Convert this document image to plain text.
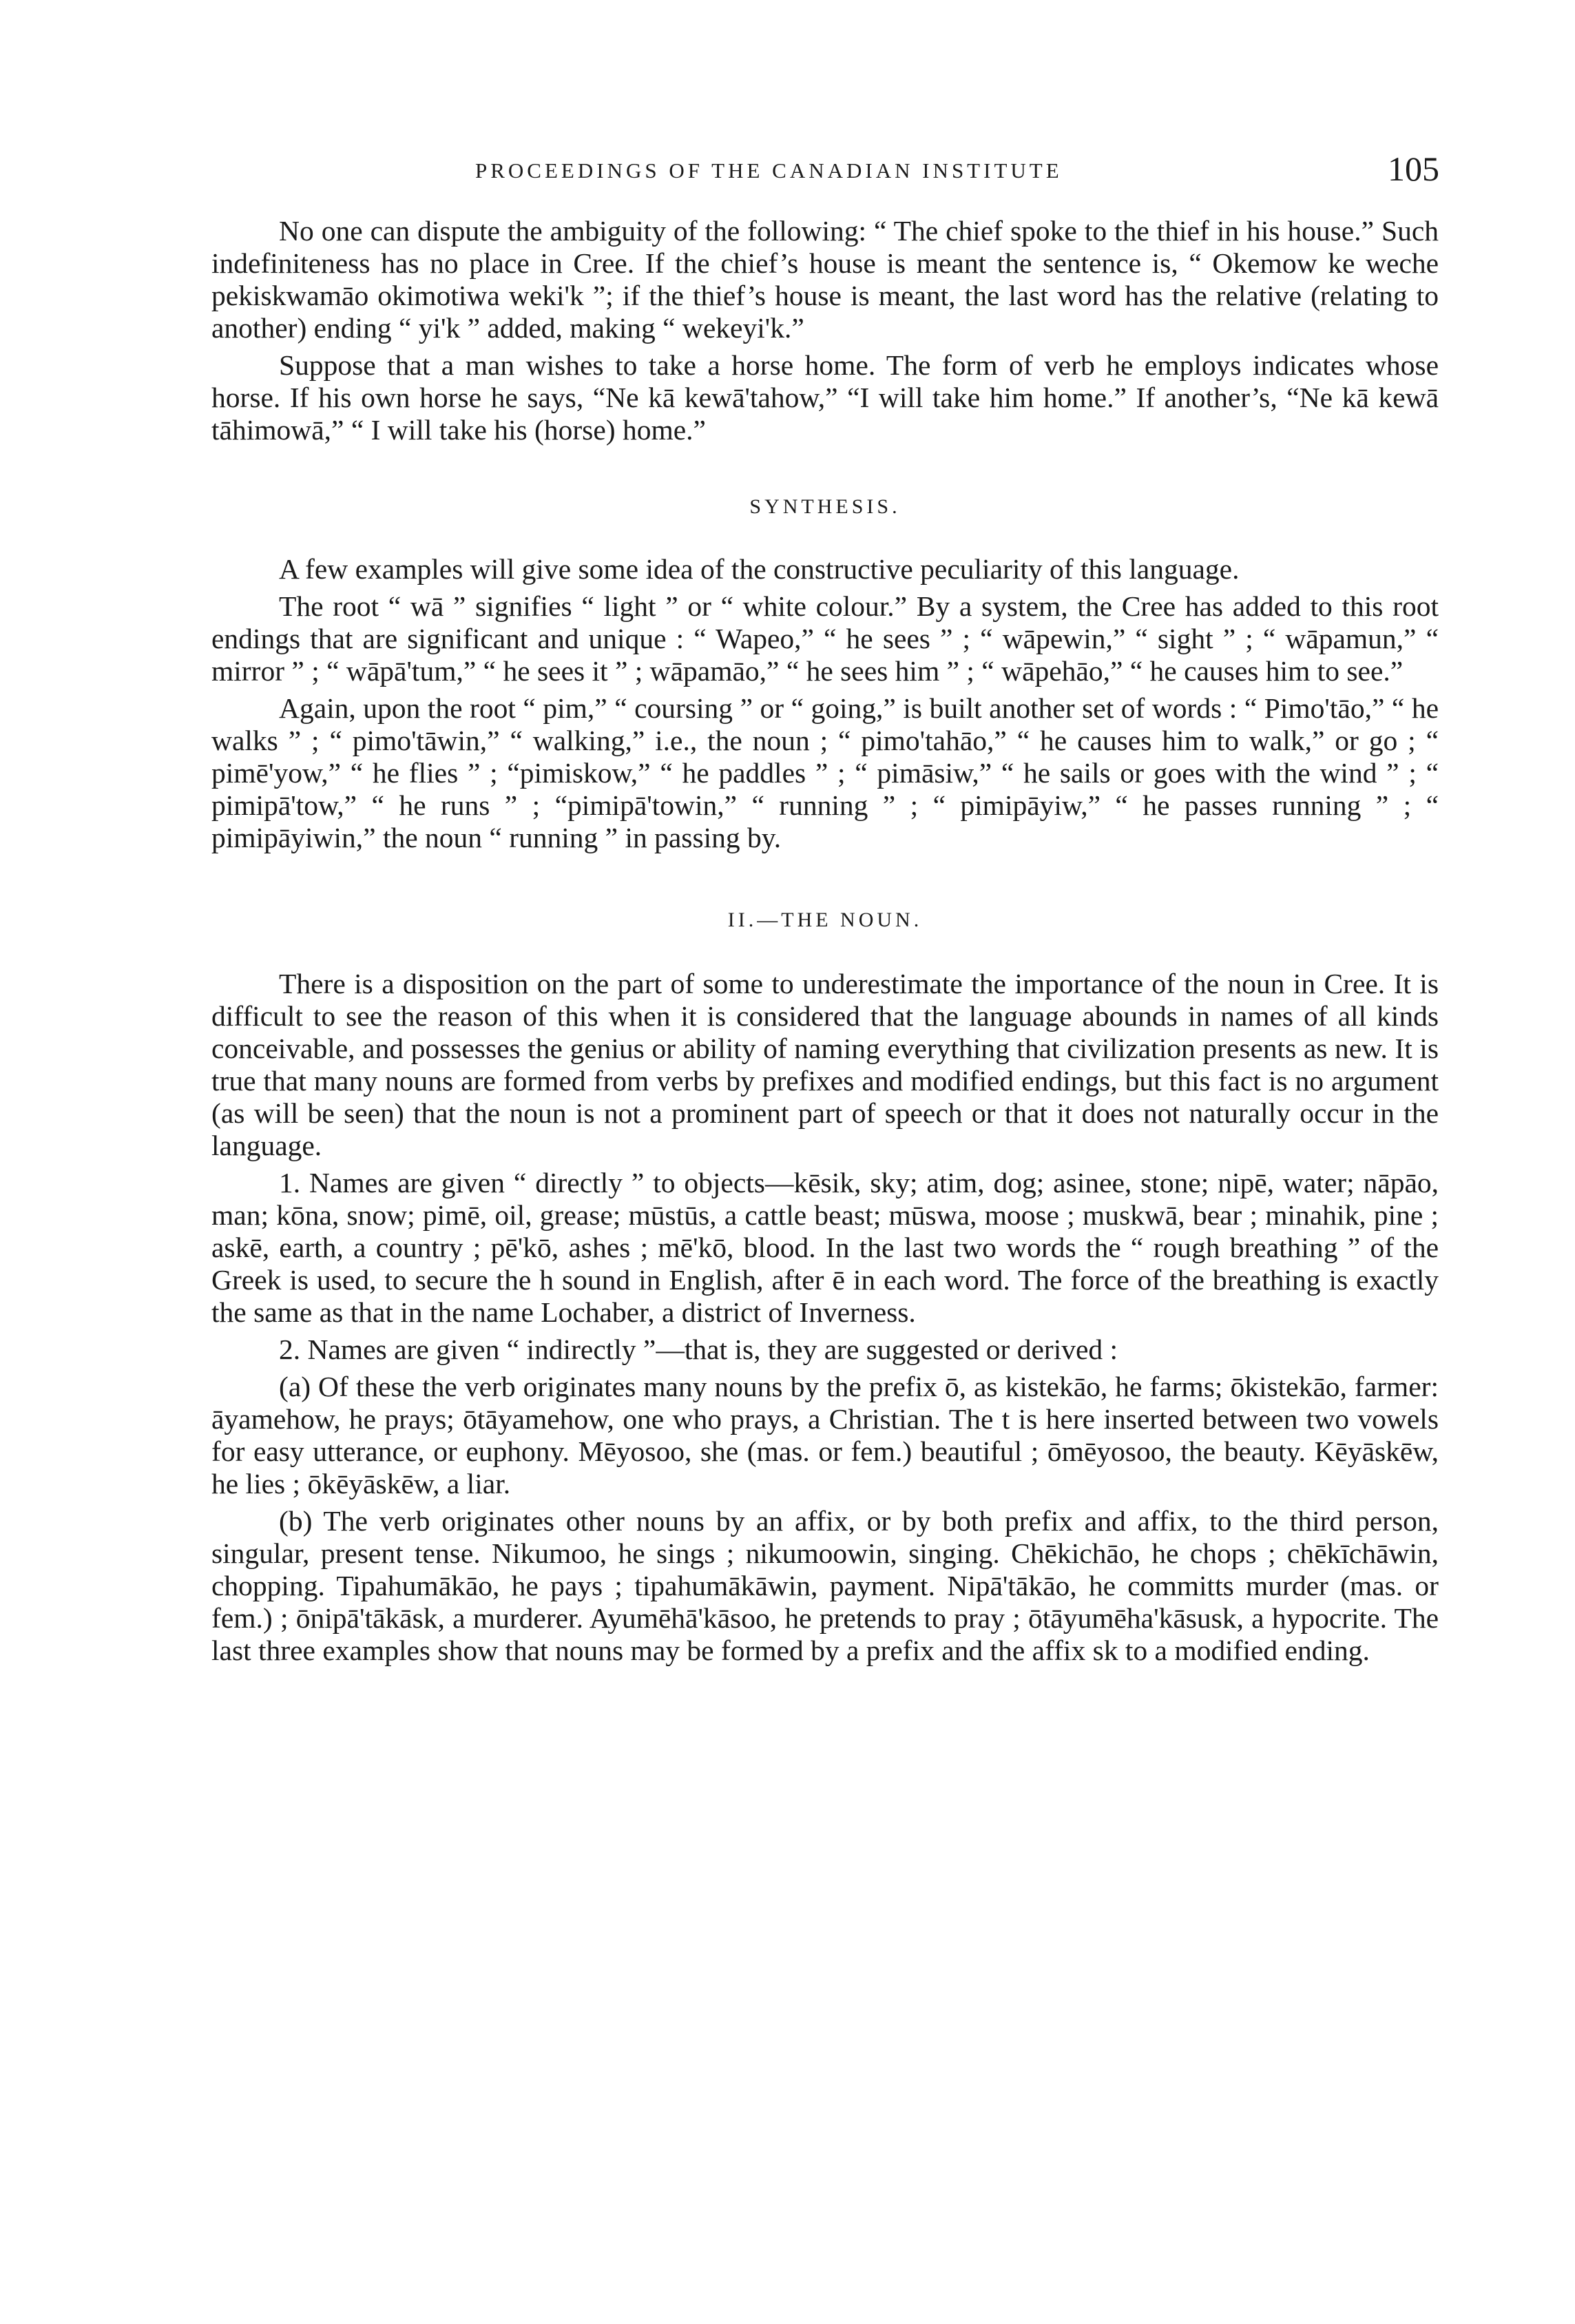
PROCEEDINGS OF THE CANADIAN INSTITUTE	105

No one can dispute the ambiguity of the following: “ The chief spoke to the thief in his house.” Such indefiniteness has no place in Cree. If the chief’s house is meant the sentence is, “ Okemow ke weche pekiskwamāo okimotiwa weki'k ”; if the thief’s house is meant, the last word has the relative (relating to another) ending “ yi'k ” added, making “ wekeyi'k.”

Suppose that a man wishes to take a horse home. The form of verb he employs indicates whose horse. If his own horse he says, “Ne kā kewā'tahow,” “I will take him home.” If another’s, “Ne kā kewā tāhimowā,” “ I will take his (horse) home.”

SYNTHESIS.

A few examples will give some idea of the constructive peculiarity of this language.

The root “ wā ” signifies “ light ” or “ white colour.” By a system, the Cree has added to this root endings that are significant and unique : “ Wapeo,” “ he sees ” ; “ wāpewin,” “ sight ” ; “ wāpamun,” “ mirror ” ; “ wāpā'tum,” “ he sees it ” ; wāpamāo,” “ he sees him ” ; “ wāpehāo,” “ he causes him to see.”

Again, upon the root “ pim,” “ coursing ” or “ going,” is built another set of words : “ Pimo'tāo,” “ he walks ” ; “ pimo'tāwin,” “ walking,” i.e., the noun ; “ pimo'tahāo,” “ he causes him to walk,” or go ; “ pimē'yow,” “ he flies ” ; “pimiskow,” “ he paddles ” ; “ pimāsiw,” “ he sails or goes with the wind ” ; “ pimipā'tow,” “ he runs ” ; “pimipā'towin,” “ running ” ; “ pimipāyiw,” “ he passes running ” ; “ pimipāyiwin,” the noun “ running ” in passing by.

II.—THE NOUN.

There is a disposition on the part of some to underestimate the importance of the noun in Cree. It is difficult to see the reason of this when it is considered that the language abounds in names of all kinds conceivable, and possesses the genius or ability of naming everything that civilization presents as new. It is true that many nouns are formed from verbs by prefixes and modified endings, but this fact is no argument (as will be seen) that the noun is not a prominent part of speech or that it does not naturally occur in the language.

1. Names are given “ directly ” to objects—kēsik, sky; atim, dog; asinee, stone; nipē, water; nāpāo, man; kōna, snow; pimē, oil, grease; mūstūs, a cattle beast; mūswa, moose ; muskwā, bear ; minahik, pine ; askē, earth, a country ; pē'kō, ashes ; mē'kō, blood. In the last two words the “ rough breathing ” of the Greek is used, to secure the h sound in English, after ē in each word. The force of the breathing is exactly the same as that in the name Lochaber, a district of Inverness.

2. Names are given “ indirectly ”—that is, they are suggested or derived :

(a) Of these the verb originates many nouns by the prefix ō, as kistekāo, he farms; ōkistekāo, farmer: āyamehow, he prays; ōtāyamehow, one who prays, a Christian. The t is here inserted between two vowels for easy utterance, or euphony. Mēyosoo, she (mas. or fem.) beautiful ; ōmēyosoo, the beauty. Kēyāskēw, he lies ; ōkēyāskēw, a liar.

(b) The verb originates other nouns by an affix, or by both prefix and affix, to the third person, singular, present tense. Nikumoo, he sings ; nikumoowin, singing. Chēkichāo, he chops ; chēkīchāwin, chopping. Tipahumākāo, he pays ; tipahumākāwin, payment. Nipā'tākāo, he committs murder (mas. or fem.) ; ōnipā'tākāsk, a murderer. Ayumēhā'kāsoo, he pretends to pray ; ōtāyumēha'kāsusk, a hypocrite. The last three examples show that nouns may be formed by a prefix and the affix sk to a modified ending.
